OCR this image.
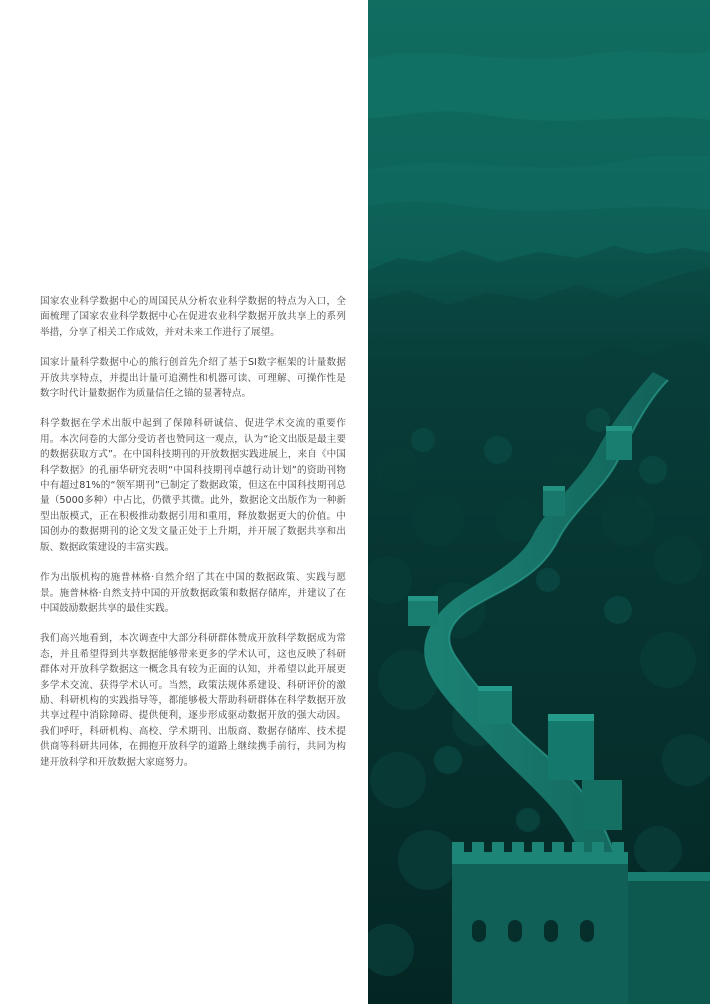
国家农业科学数据中心的周国民从分析农业科学数据的特点为入口，全面梳理了国家农业科学数据中心在促进农业科学数据开放共享上的系列举措，分享了相关工作成效，并对未来工作进行了展望。

国家计量科学数据中心的熊行创首先介绍了基于SI数字框架的计量数据开放共享特点，并提出计量可追溯性和机器可读、可理解、可操作性是数字时代计量数据作为质量信任之锚的显著特点。

科学数据在学术出版中起到了保障科研诚信、促进学术交流的重要作用。本次问卷的大部分受访者也赞同这一观点，认为“论文出版是最主要的数据获取方式”。在中国科技期刊的开放数据实践进展上，来自《中国科学数据》的孔丽华研究表明“中国科技期刊卓越行动计划”的资助刊物中有超过81%的“领军期刊”已制定了数据政策，但这在中国科技期刊总量（5000多种）中占比，仍微乎其微。此外，数据论文出版作为一种新型出版模式，正在积极推动数据引用和重用，释放数据更大的价值。中国创办的数据期刊的论文发文量正处于上升期，并开展了数据共享和出版、数据政策建设的丰富实践。

作为出版机构的施普林格·自然介绍了其在中国的数据政策、实践与愿景。施普林格·自然支持中国的开放数据政策和数据存储库，并建议了在中国鼓励数据共享的最佳实践。

我们高兴地看到，本次调查中大部分科研群体赞成开放科学数据成为常态，并且希望得到共享数据能够带来更多的学术认可，这也反映了科研群体对开放科学数据这一概念具有较为正面的认知，并希望以此开展更多学术交流、获得学术认可。当然，政策法规体系建设、科研评价的激励、科研机构的实践指导等，都能够极大帮助科研群体在科学数据开放共享过程中消除障碍、提供便利，逐步形成驱动数据开放的强大动因。我们呼吁，科研机构、高校、学术期刊、出版商、数据存储库、技术提供商等科研共同体，在拥抱开放科学的道路上继续携手前行，共同为构建开放科学和开放数据大家庭努力。
